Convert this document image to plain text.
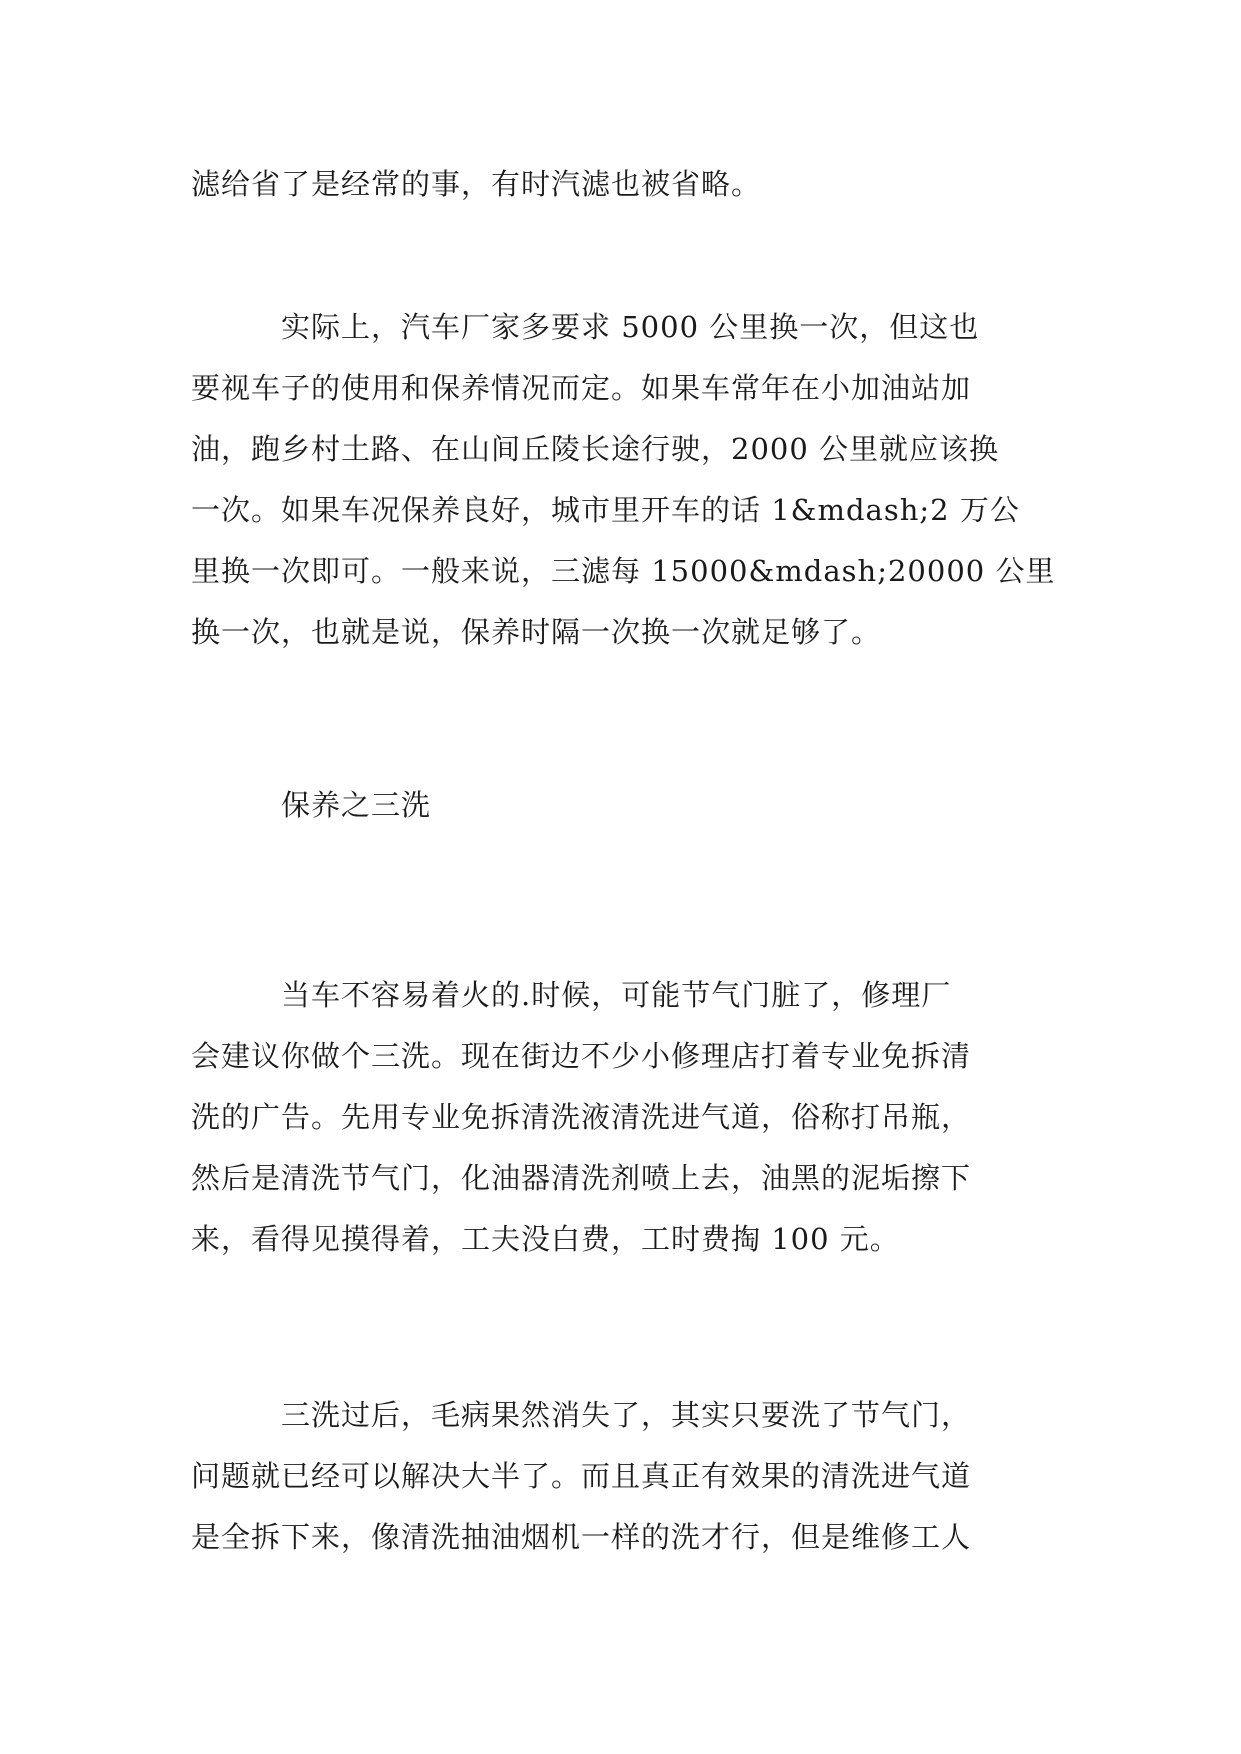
滤给省了是经常的事，有时汽滤也被省略。

　　　实际上，汽车厂家多要求 5000 公里换一次，但这也
要视车子的使用和保养情况而定。如果车常年在小加油站加
油，跑乡村土路、在山间丘陵长途行驶，2000 公里就应该换
一次。如果车况保养良好，城市里开车的话 1&mdash;2 万公
里换一次即可。一般来说，三滤每 15000&mdash;20000 公里
换一次，也就是说，保养时隔一次换一次就足够了。

　　　保养之三洗

　　　当车不容易着火的.时候，可能节气门脏了，修理厂
会建议你做个三洗。现在街边不少小修理店打着专业免拆清
洗的广告。先用专业免拆清洗液清洗进气道，俗称打吊瓶，
然后是清洗节气门，化油器清洗剂喷上去，油黑的泥垢擦下
来，看得见摸得着，工夫没白费，工时费掏 100 元。

　　　三洗过后，毛病果然消失了，其实只要洗了节气门，
问题就已经可以解决大半了。而且真正有效果的清洗进气道
是全拆下来，像清洗抽油烟机一样的洗才行，但是维修工人
